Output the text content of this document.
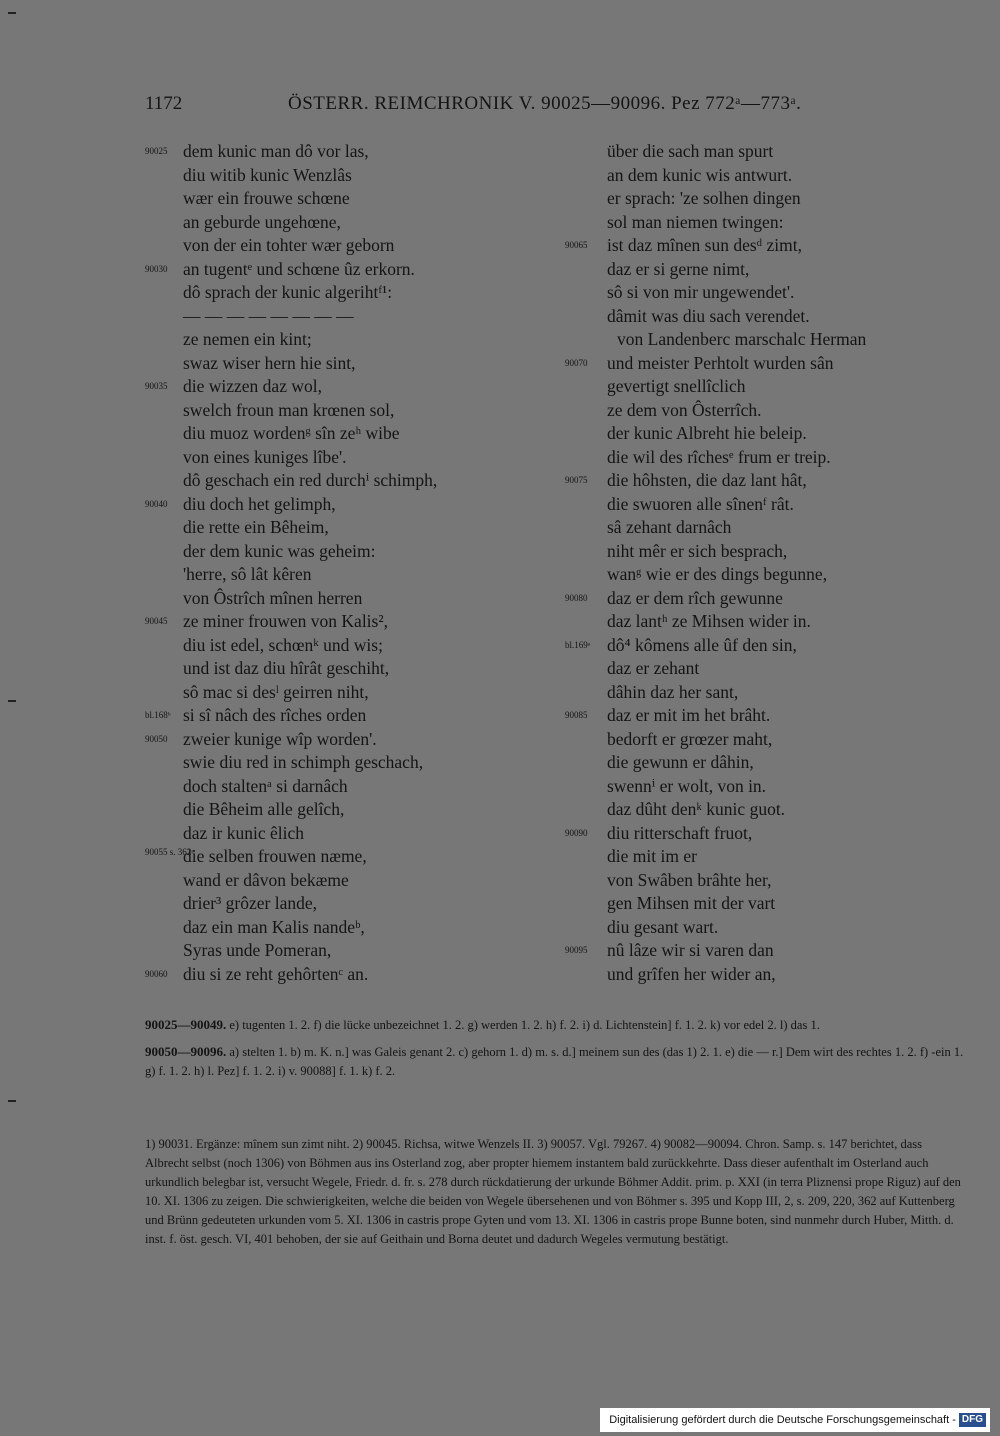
1172	ÖSTERR. REIMCHRONIK V. 90025—90096. Pez 772ᵃ—773ᵃ.
90025 dem kunic man dô vor las,
diu witib kunic Wenzlâs
wær ein frouwe schœne
an geburde ungehœne,
von der ein tohter wær geborn
90030 an tugentᵉ und schœne ûz erkorn.
dô sprach der kunic algerihtᶠ¹:
— — — — — — — —
ze nemen ein kint;
swaz wiser hern hie sint,
90035 die wizzen daz wol,
swelch froun man krœnen sol,
diu muoz wordenᵍ sîn zeʰ wibe
von eines kuniges lîbe'.
dô geschach ein red durchⁱ schimph,
90040 diu doch het gelimph,
die rette ein Bêheim,
der dem kunic was geheim:
'herre, sô lât kêren
von Ôstrîch mînen herren
90045 ze miner frouwen von Kalis²,
diu ist edel, schœnᵏ und wis;
und ist daz diu hîrât geschiht,
sô mac si desˡ geirren niht,
bl.168ᵇ si sî nâch des rîches orden
90050 zweier kunige wîp worden'.
swie diu red in schimph geschach,
doch staltenᵃ si darnâch
die Bêheim alle gelîch,
daz ir kunic êlich
90055 s. 362ᵃ
die selben frouwen næme,
wand er dâvon bekæme
drier³ grôzer lande,
daz ein man Kalis nandeᵇ,
Syras unde Pomeran,
90060 diu si ze reht gehôrtenᶜ an.
über die sach man spurt
an dem kunic wis antwurt.
er sprach: 'ze solhen dingen
sol man niemen twingen:
90065	ist daz mînen sun desᵈ zimt,
daz er si gerne nimt,
sô si von mir ungewendet'.
dâmit was diu sach verendet.
von Landenberc marschalc Herman
90070	und meister Perhtolt wurden sân
gevertigt snellîclich
ze dem von Ôsterrîch.
der kunic Albreht hie beleip.
die wil des rîchesᵉ frum er treip.
90075	die hôhsten, die daz lant hât,
die swuoren alle sînenᶠ rât.
sâ zehant darnâch
niht mêr er sich besprach,
wanᵍ wie er des dings begunne,
90080	daz er dem rîch gewunne
daz lantʰ ze Mihsen wider in.
bl.169ᵃ dô⁴ kômens alle ûf den sin,
daz er zehant
dâhin daz her sant,
90085	daz er mit im het brâht.
bedorft er grœzer maht,
die gewunn er dâhin,
swennⁱ er wolt, von in.
daz dûht denᵏ kunic guot.
90090	diu ritterschaft fruot,
die mit im er
von Swâben brâhte her,
gen Mihsen mit der vart
diu gesant wart.
90095	nû lâze wir si varen dan
und grîfen her wider an,

90025—90049. e) tugenten 1. 2. f) die lücke unbezeichnet 1. 2. g) werden 1. 2. h) f. 2. i) d. Lichtenstein] f. 1. 2. k) vor edel 2. l) das 1.

90050—90096. a) stelten 1. b) m. K. n.] was Galeis genant 2. c) gehorn 1. d) m. s. d.] meinem sun des (das 1) 2. 1. e) die — r.] Dem wirt des rechtes 1. 2. f) -ein 1. g) f. 1. 2. h) l. Pez] f. 1. 2. i) v. 90088] f. 1. k) f. 2.

1) 90031. Ergänze: mînem sun zimt niht. 2) 90045. Richsa, witwe Wenzels II. 3) 90057. Vgl. 79267. 4) 90082—90094. Chron. Samp. s. 147 berichtet, dass Albrecht selbst (noch 1306) von Böhmen aus ins Osterland zog, aber propter hiemem instantem bald zurückkehrte. Dass dieser aufenthalt im Osterland auch urkundlich belegbar ist, versucht Wegele, Friedr. d. fr. s. 278 durch rückdatierung der urkunde Böhmer Addit. prim. p. XXI (in terra Pliznensi prope Riguz) auf den 10. XI. 1306 zu zeigen. Die schwierigkeiten, welche die beiden von Wegele übersehenen und von Böhmer s. 395 und Kopp III, 2, s. 209, 220, 362 auf Kuttenberg und Brünn gedeuteten urkunden vom 5. XI. 1306 in castris prope Gyten und vom 13. XI. 1306 in castris prope Bunne boten, sind nunmehr durch Huber, Mitth. d. inst. f. öst. gesch. VI, 401 behoben, der sie auf Geithain und Borna deutet und dadurch Wegeles vermutung bestätigt.

Digitalisierung gefördert durch die Deutsche Forschungsgemeinschaft - DFG
